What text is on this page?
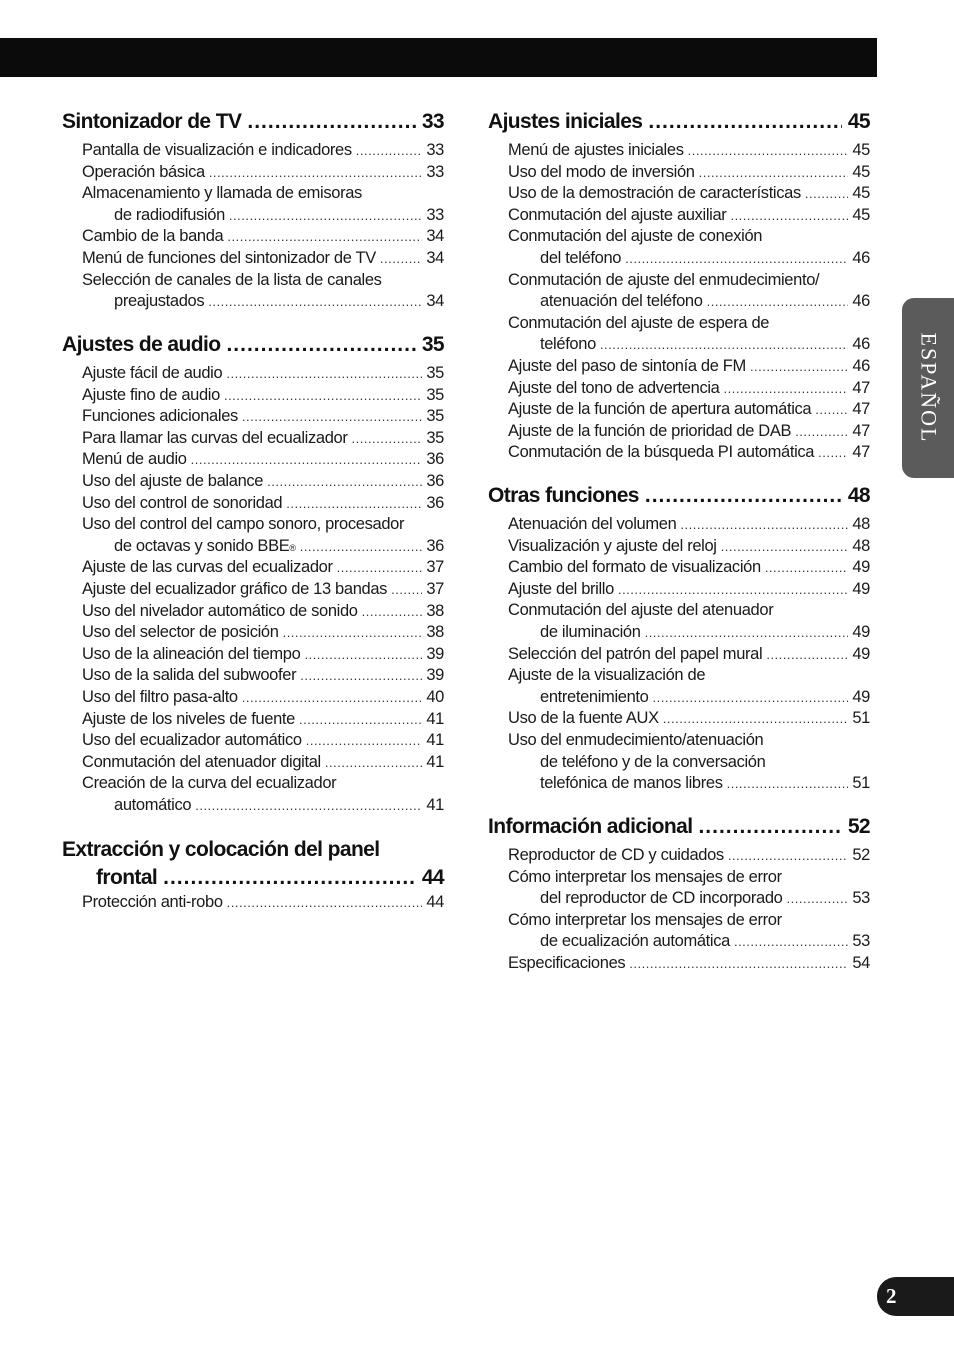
Sintonizador de TV .....	33
Pantalla de visualización e indicadores .....	33
Operación básica .....	33
Almacenamiento y llamada de emisoras
de radiodifusión .....	33
Cambio de la banda .....	34
Menú de funciones del sintonizador de TV .....	34
Selección de canales de la lista de canales
preajustados .....	34
Ajustes de audio .....	35
Ajuste fácil de audio .....	35
Ajuste fino de audio .....	35
Funciones adicionales .....	35
Para llamar las curvas del ecualizador .....	35
Menú de audio .....	36
Uso del ajuste de balance .....	36
Uso del control de sonoridad .....	36
Uso del control del campo sonoro, procesador
de octavas y sonido BBE ® .....	36
Ajuste de las curvas del ecualizador .....	37
Ajuste del ecualizador gráfico de 13 bandas ..... 37
Uso del nivelador automático de sonido .....	38
Uso del selector de posición .....	38
Uso de la alineación del tiempo .....	39
Uso de la salida del subwoofer .....	39
Uso del filtro pasa-alto .....	40
Ajuste de los niveles de fuente .....	41
Uso del ecualizador automático .....	41
Conmutación del atenuador digital .....	41
Creación de la curva del ecualizador
automático .....	41
Extracción y colocación del panel
frontal .....	44
Protección anti-robo .....	44
Ajustes iniciales .....	45
Menú de ajustes iniciales .....	45
Uso del modo de inversión .....	45
Uso de la demostración de características .....	45
Conmutación del ajuste auxiliar .....	45
Conmutación del ajuste de conexión
del teléfono .....	46
Conmutación de ajuste del enmudecimiento/
atenuación del teléfono .....	46
Conmutación del ajuste de espera de
teléfono .....	46
Ajuste del paso de sintonía de FM .....	46
Ajuste del tono de advertencia .....	47
Ajuste de la función de apertura automática ..... 47
Ajuste de la función de prioridad de DAB .....	47
Conmutación de la búsqueda PI automática ..... 47
Otras funciones .....	48
Atenuación del volumen .....	48
Visualización y ajuste del reloj .....	48
Cambio del formato de visualización .....	49
Ajuste del brillo .....	49
Conmutación del ajuste del atenuador
de iluminación .....	49
Selección del patrón del papel mural .....	49
Ajuste de la visualización de
entretenimiento .....	49
Uso de la fuente AUX .....	51
Uso del enmudecimiento/atenuación
de teléfono y de la conversación
telefónica de manos libres .....	51
Información adicional .....	52
Reproductor de CD y cuidados .....	52
Cómo interpretar los mensajes de error
del reproductor de CD incorporado .....	53
Cómo interpretar los mensajes de error
de ecualización automática .....	53
Especificaciones .....	54
ESPAÑOL
2
